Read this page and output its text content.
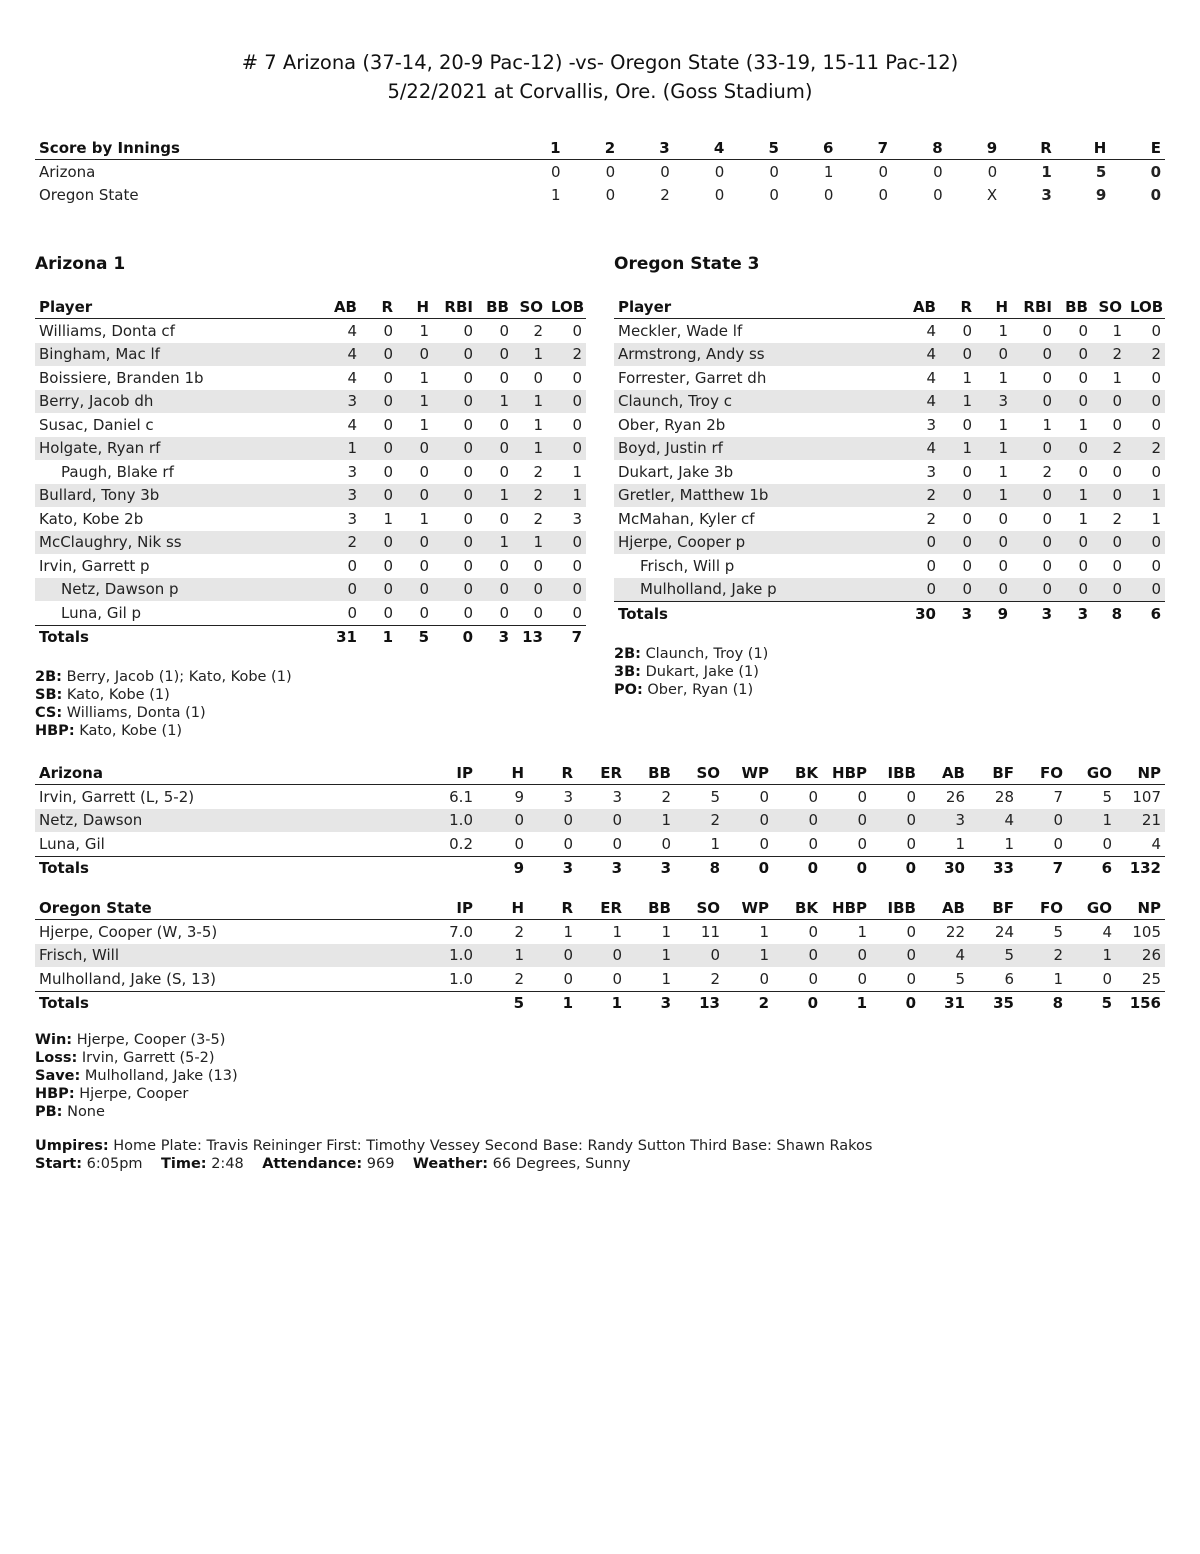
# 7 Arizona (37-14, 20-9 Pac-12) -vs- Oregon State (33-19, 15-11 Pac-12)
5/22/2021 at Corvallis, Ore. (Goss Stadium)
Score by Innings	1	2	3	4	5	6	7	8	9	R	H	E
Arizona	0	0	0	0	0	1	0	0	0	1	5	0
Oregon State	1	0	2	0	0	0	0	0	X	3	9	0
Arizona 1	Oregon State 3
Player	AB	R	H	RBI	BB	SO	LOB
Williams, Donta cf	4	0	1	0	0	2	0
Bingham, Mac lf	4	0	0	0	0	1	2
Boissiere, Branden 1b	4	0	1	0	0	0	0
Berry, Jacob dh	3	0	1	0	1	1	0
Susac, Daniel c	4	0	1	0	0	1	0
Holgate, Ryan rf	1	0	0	0	0	1	0
Paugh, Blake rf	3	0	0	0	0	2	1
Bullard, Tony 3b	3	0	0	0	1	2	1
Kato, Kobe 2b	3	1	1	0	0	2	3
McClaughry, Nik ss	2	0	0	0	1	1	0
Irvin, Garrett p	0	0	0	0	0	0	0
Netz, Dawson p	0	0	0	0	0	0	0
Luna, Gil p	0	0	0	0	0	0	0
Totals	31	1	5	0	3	13	7
Player	AB	R	H	RBI	BB	SO	LOB
Meckler, Wade lf	4	0	1	0	0	1	0
Armstrong, Andy ss	4	0	0	0	0	2	2
Forrester, Garret dh	4	1	1	0	0	1	0
Claunch, Troy c	4	1	3	0	0	0	0
Ober, Ryan 2b	3	0	1	1	1	0	0
Boyd, Justin rf	4	1	1	0	0	2	2
Dukart, Jake 3b	3	0	1	2	0	0	0
Gretler, Matthew 1b	2	0	1	0	1	0	1
McMahan, Kyler cf	2	0	0	0	1	2	1
Hjerpe, Cooper p	0	0	0	0	0	0	0
Frisch, Will p	0	0	0	0	0	0	0
Mulholland, Jake p	0	0	0	0	0	0	0
Totals	30	3	9	3	3	8	6
2B: Berry, Jacob (1); Kato, Kobe (1)
SB: Kato, Kobe (1)
CS: Williams, Donta (1)
HBP: Kato, Kobe (1)
2B: Claunch, Troy (1)
3B: Dukart, Jake (1)
PO: Ober, Ryan (1)
Arizona	IP	H	R	ER	BB	SO	WP	BK	HBP	IBB	AB	BF	FO	GO	NP
Irvin, Garrett (L, 5-2)	6.1	9	3	3	2	5	0	0	0	0	26	28	7	5	107
Netz, Dawson	1.0	0	0	0	1	2	0	0	0	0	3	4	0	1	21
Luna, Gil	0.2	0	0	0	0	1	0	0	0	0	1	1	0	0	4
Totals		9	3	3	3	8	0	0	0	0	30	33	7	6	132
Oregon State	IP	H	R	ER	BB	SO	WP	BK	HBP	IBB	AB	BF	FO	GO	NP
Hjerpe, Cooper (W, 3-5)	7.0	2	1	1	1	11	1	0	1	0	22	24	5	4	105
Frisch, Will	1.0	1	0	0	1	0	1	0	0	0	4	5	2	1	26
Mulholland, Jake (S, 13)	1.0	2	0	0	1	2	0	0	0	0	5	6	1	0	25
Totals		5	1	1	3	13	2	0	1	0	31	35	8	5	156
Win: Hjerpe, Cooper (3-5)
Loss: Irvin, Garrett (5-2)
Save: Mulholland, Jake (13)
HBP: Hjerpe, Cooper
PB: None
Umpires: Home Plate: Travis Reininger First: Timothy Vessey Second Base: Randy Sutton Third Base: Shawn Rakos
Start: 6:05pm Time: 2:48 Attendance: 969 Weather: 66 Degrees, Sunny
